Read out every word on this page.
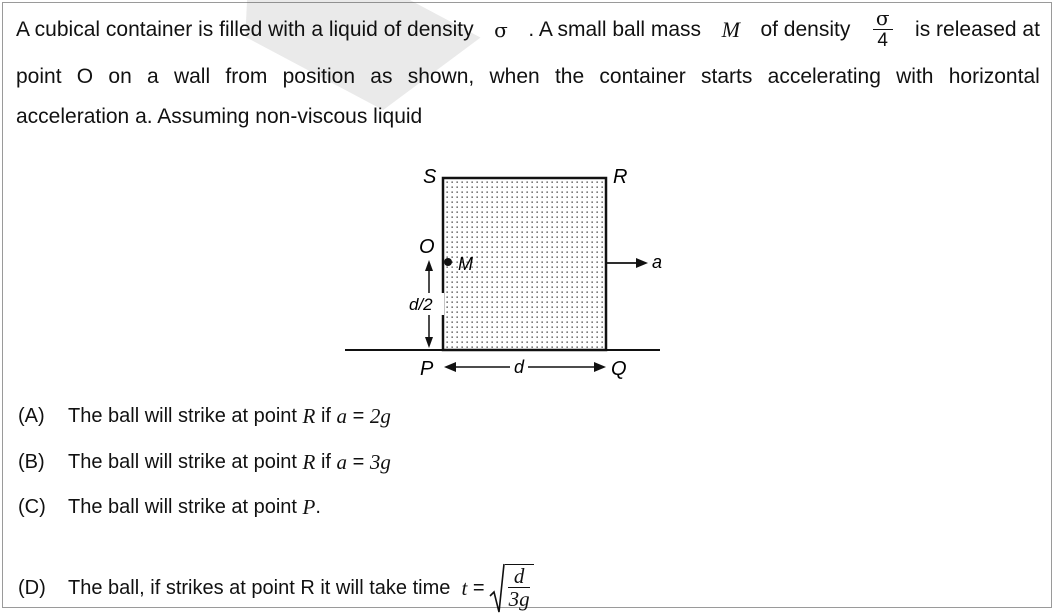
A cubical container is filled with a liquid of density σ . A small ball mass M of density $\frac{\sigma}{4}$ is released at
point O on a wall from position as shown, when the container starts accelerating with horizontal
acceleration a. Assuming non-viscous liquid
S	R
O
M	a
d/2
P	d	Q
(A)	The ball will strike at point
R
if
a
=
2g
(B)	The ball will strike at point
R
if
a
=
3g
(C)	The ball will strike at point
P .
(D)	The ball, if strikes at point R it will take time
t
= $\frac{d}{3g}$
